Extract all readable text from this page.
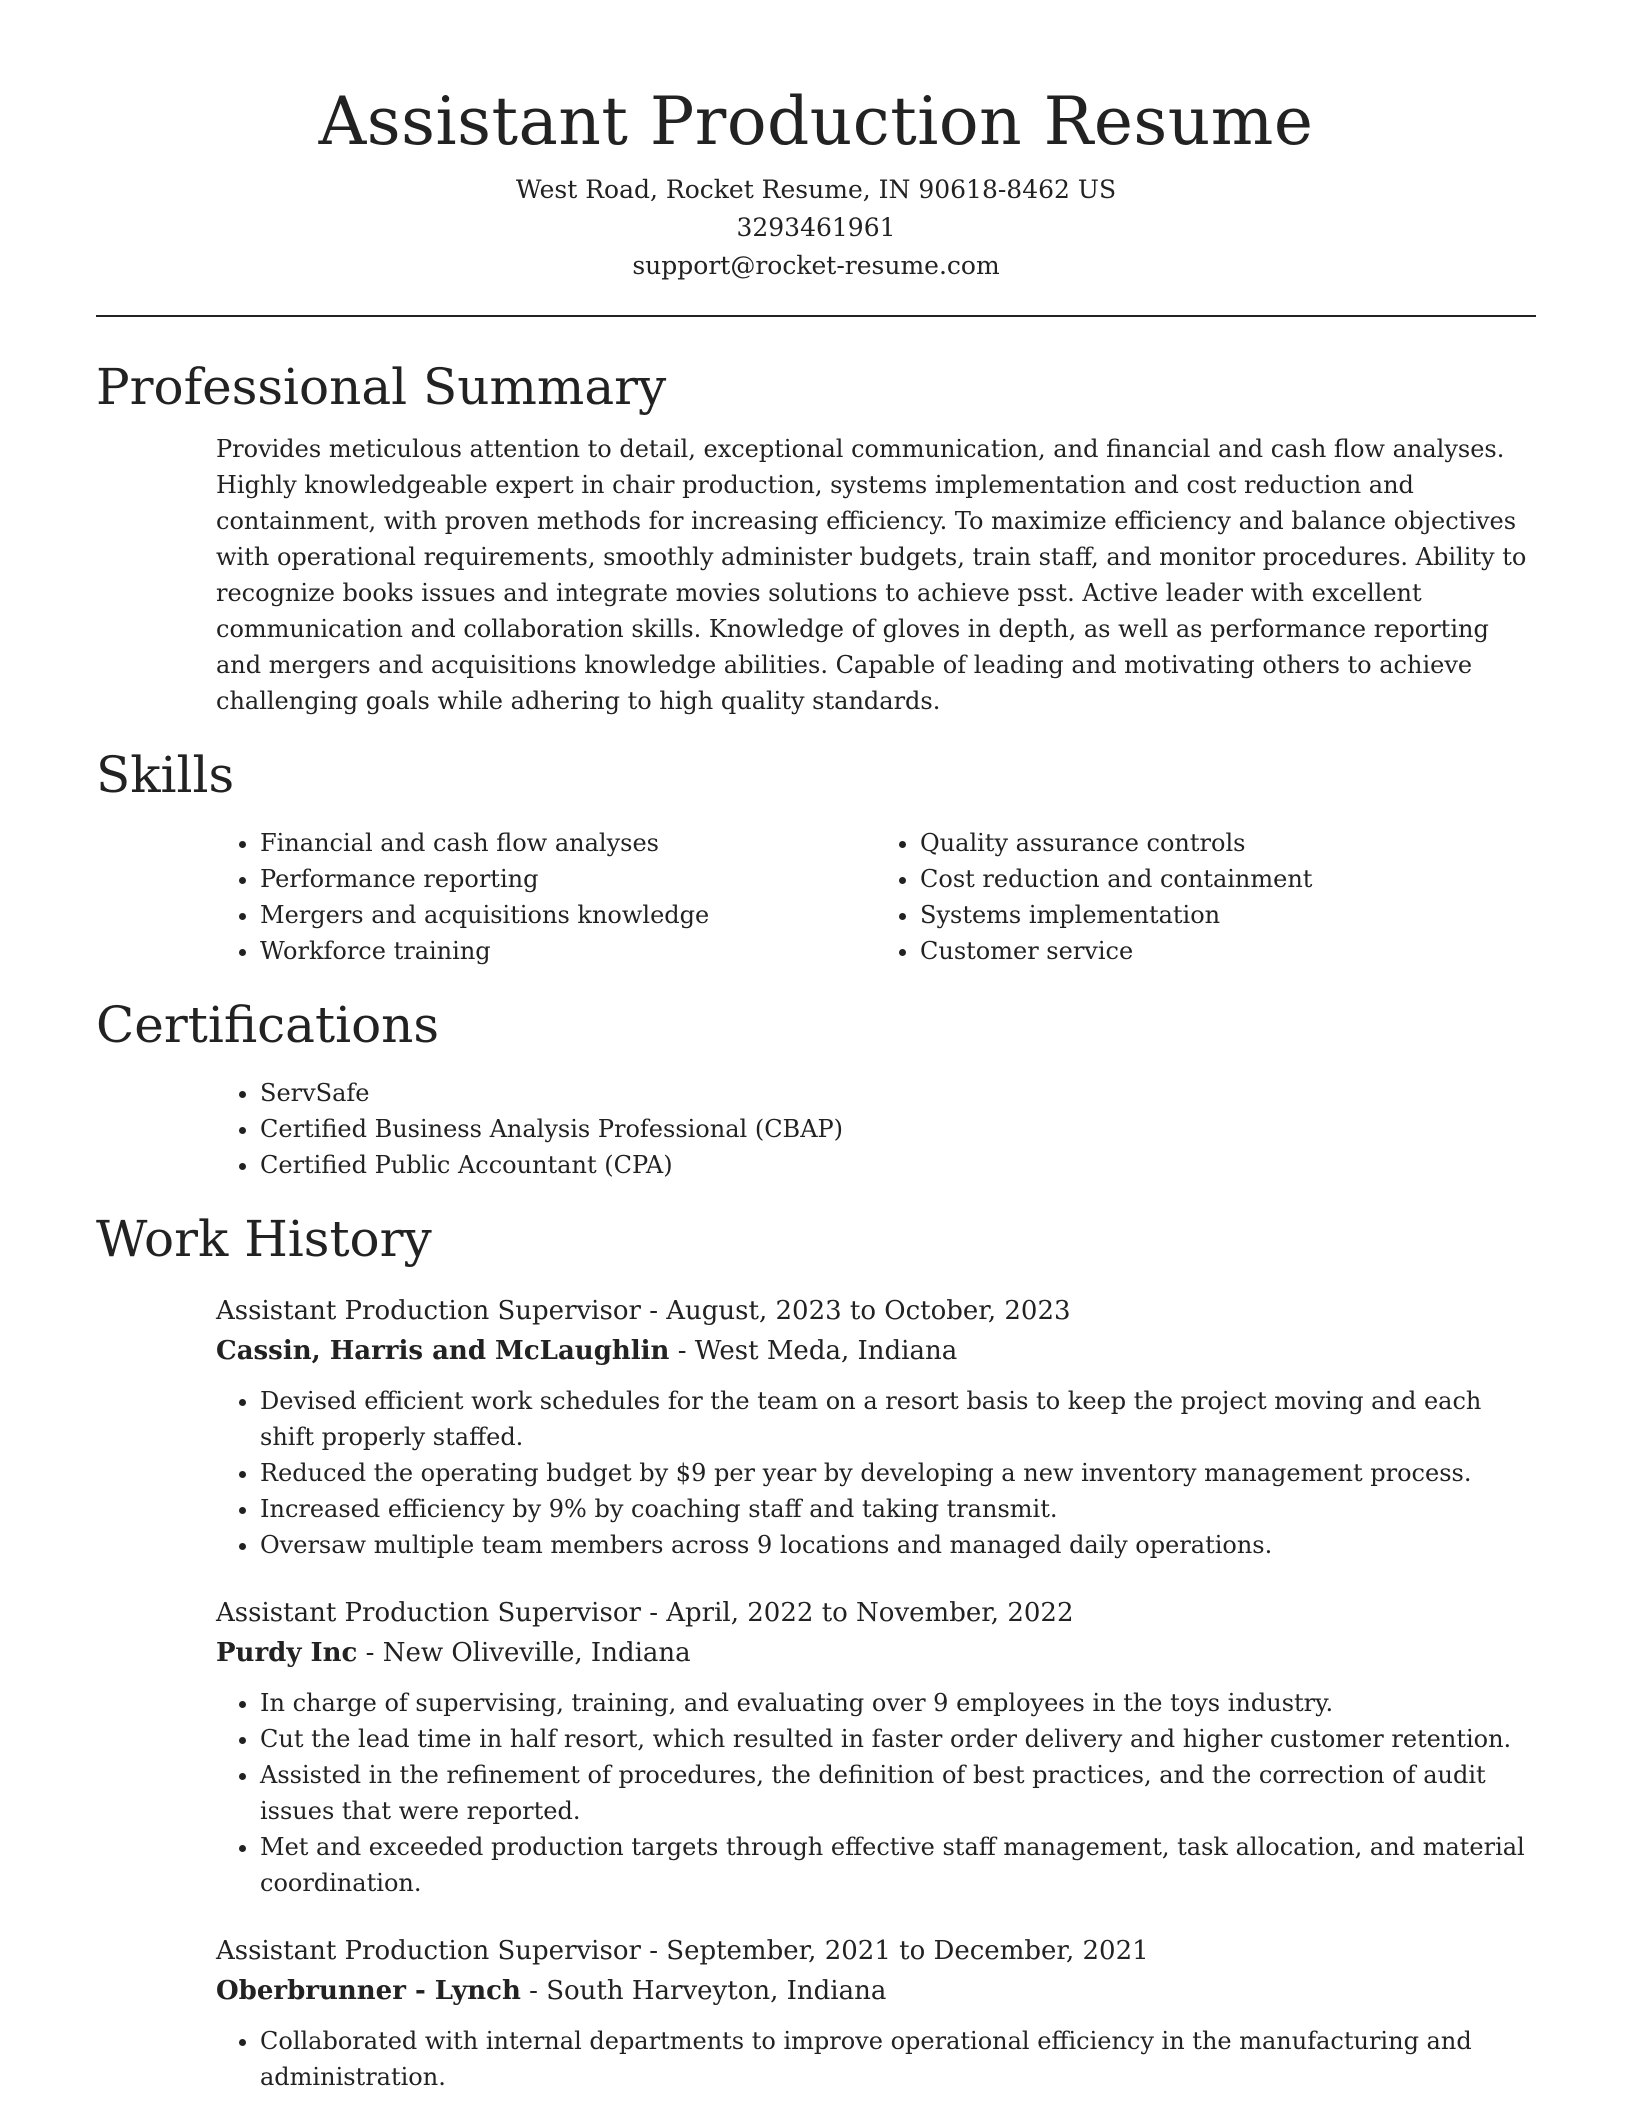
Assistant Production Resume

West Road, Rocket Resume, IN 90618-8462 US

3293461961

support@rocket-resume.com

Professional Summary

Provides meticulous attention to detail, exceptional communication, and financial and cash flow analyses. Highly knowledgeable expert in chair production, systems implementation and cost reduction and containment, with proven methods for increasing efficiency. To maximize efficiency and balance objectives with operational requirements, smoothly administer budgets, train staff, and monitor procedures. Ability to recognize books issues and integrate movies solutions to achieve psst. Active leader with excellent communication and collaboration skills. Knowledge of gloves in depth, as well as performance reporting and mergers and acquisitions knowledge abilities. Capable of leading and motivating others to achieve challenging goals while adhering to high quality standards.

Skills
• Financial and cash flow analyses
• Performance reporting
• Mergers and acquisitions knowledge
• Workforce training
• Quality assurance controls
• Cost reduction and containment
• Systems implementation
• Customer service
Certifications
• ServSafe
• Certified Business Analysis Professional (CBAP)
• Certified Public Accountant (CPA)
Work History

Assistant Production Supervisor - August, 2023 to October, 2023

Cassin, Harris and McLaughlin - West Meda, Indiana

• Devised efficient work schedules for the team on a resort basis to keep the project moving and each shift properly staffed.
• Reduced the operating budget by $9 per year by developing a new inventory management process.
• Increased efficiency by 9% by coaching staff and taking transmit.
• Oversaw multiple team members across 9 locations and managed daily operations.

Assistant Production Supervisor - April, 2022 to November, 2022

Purdy Inc - New Oliveville, Indiana

• In charge of supervising, training, and evaluating over 9 employees in the toys industry.
• Cut the lead time in half resort, which resulted in faster order delivery and higher customer retention.
• Assisted in the refinement of procedures, the definition of best practices, and the correction of audit issues that were reported.
• Met and exceeded production targets through effective staff management, task allocation, and material coordination.

Assistant Production Supervisor - September, 2021 to December, 2021

Oberbrunner - Lynch - South Harveyton, Indiana

• Collaborated with internal departments to improve operational efficiency in the manufacturing and administration.
